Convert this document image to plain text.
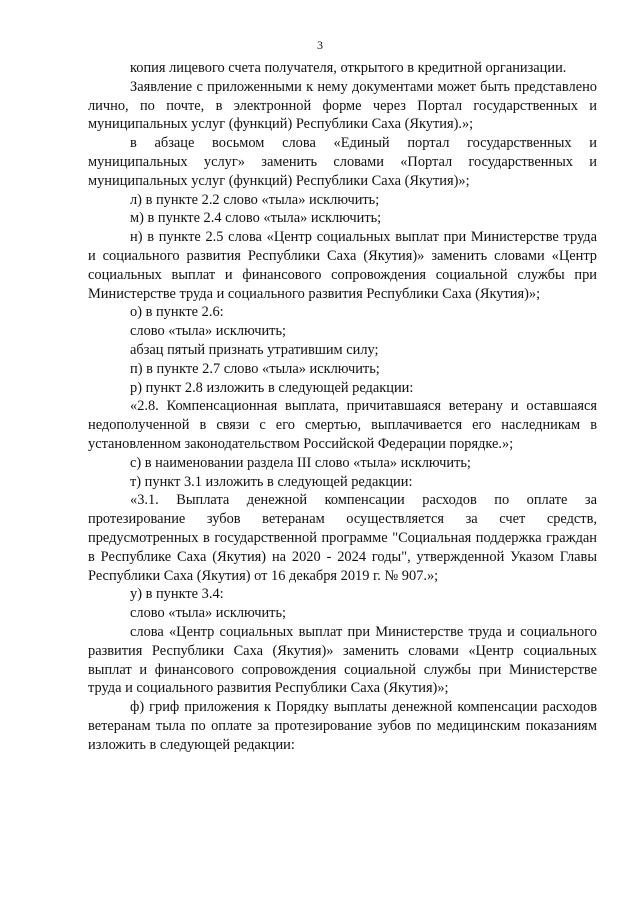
3

копия лицевого счета получателя, открытого в кредитной организации.

Заявление с приложенными к нему документами может быть представлено лично, по почте, в электронной форме через Портал государственных и муниципальных услуг (функций) Республики Саха (Якутия).»;

в абзаце восьмом слова «Единый портал государственных и муниципальных услуг» заменить словами «Портал государственных и муниципальных услуг (функций) Республики Саха (Якутия)»;

л) в пункте 2.2 слово «тыла» исключить;

м) в пункте 2.4 слово «тыла» исключить;

н) в пункте 2.5 слова «Центр социальных выплат при Министерстве труда и социального развития Республики Саха (Якутия)» заменить словами «Центр социальных выплат и финансового сопровождения социальной службы при Министерстве труда и социального развития Республики Саха (Якутия)»;

о) в пункте 2.6:

слово «тыла» исключить;

абзац пятый признать утратившим силу;

п) в пункте 2.7 слово «тыла» исключить;

р) пункт 2.8 изложить в следующей редакции:

«2.8. Компенсационная выплата, причитавшаяся ветерану и оставшаяся недополученной в связи с его смертью, выплачивается его наследникам в установленном законодательством Российской Федерации порядке.»;

с) в наименовании раздела III слово «тыла» исключить;

т) пункт 3.1 изложить в следующей редакции:

«3.1. Выплата денежной компенсации расходов по оплате за протезирование зубов ветеранам осуществляется за счет средств, предусмотренных в государственной программе "Социальная поддержка граждан в Республике Саха (Якутия) на 2020 - 2024 годы", утвержденной Указом Главы Республики Саха (Якутия) от 16 декабря 2019 г. № 907.»;

у) в пункте 3.4:

слово «тыла» исключить;

слова «Центр социальных выплат при Министерстве труда и социального развития Республики Саха (Якутия)» заменить словами «Центр социальных выплат и финансового сопровождения социальной службы при Министерстве труда и социального развития Республики Саха (Якутия)»;

ф) гриф приложения к Порядку выплаты денежной компенсации расходов ветеранам тыла по оплате за протезирование зубов по медицинским показаниям изложить в следующей редакции:
